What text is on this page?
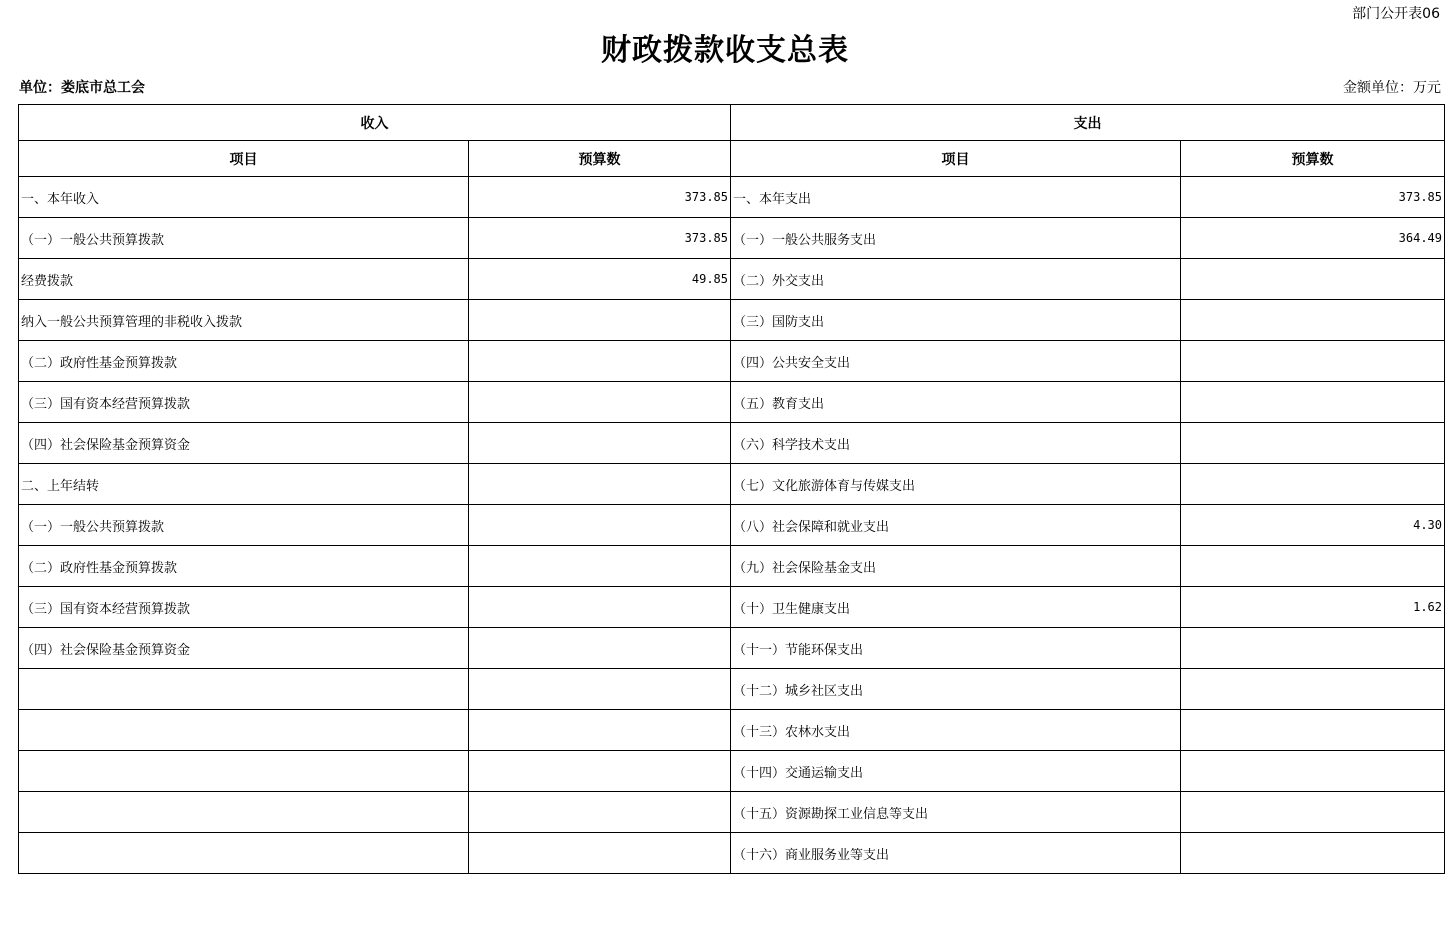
部门公开表06
财政拨款收支总表
单位：娄底市总工会	金额单位：万元
收入		支出	
项目	预算数	项目	预算数
一、本年收入	373.85	一、本年支出	373.85
（一）一般公共预算拨款	373.85	（一）一般公共服务支出	364.49
经费拨款	49.85	（二）外交支出	
纳入一般公共预算管理的非税收入拨款		（三）国防支出	
（二）政府性基金预算拨款		（四）公共安全支出	
（三）国有资本经营预算拨款		（五）教育支出	
（四）社会保险基金预算资金		（六）科学技术支出	
二、上年结转		（七）文化旅游体育与传媒支出	
（一）一般公共预算拨款		（八）社会保障和就业支出	4.30
（二）政府性基金预算拨款		（九）社会保险基金支出	
（三）国有资本经营预算拨款		（十）卫生健康支出	1.62
（四）社会保险基金预算资金		（十一）节能环保支出	
		（十二）城乡社区支出	
		（十三）农林水支出	
		（十四）交通运输支出	
		（十五）资源勘探工业信息等支出	
		（十六）商业服务业等支出	
